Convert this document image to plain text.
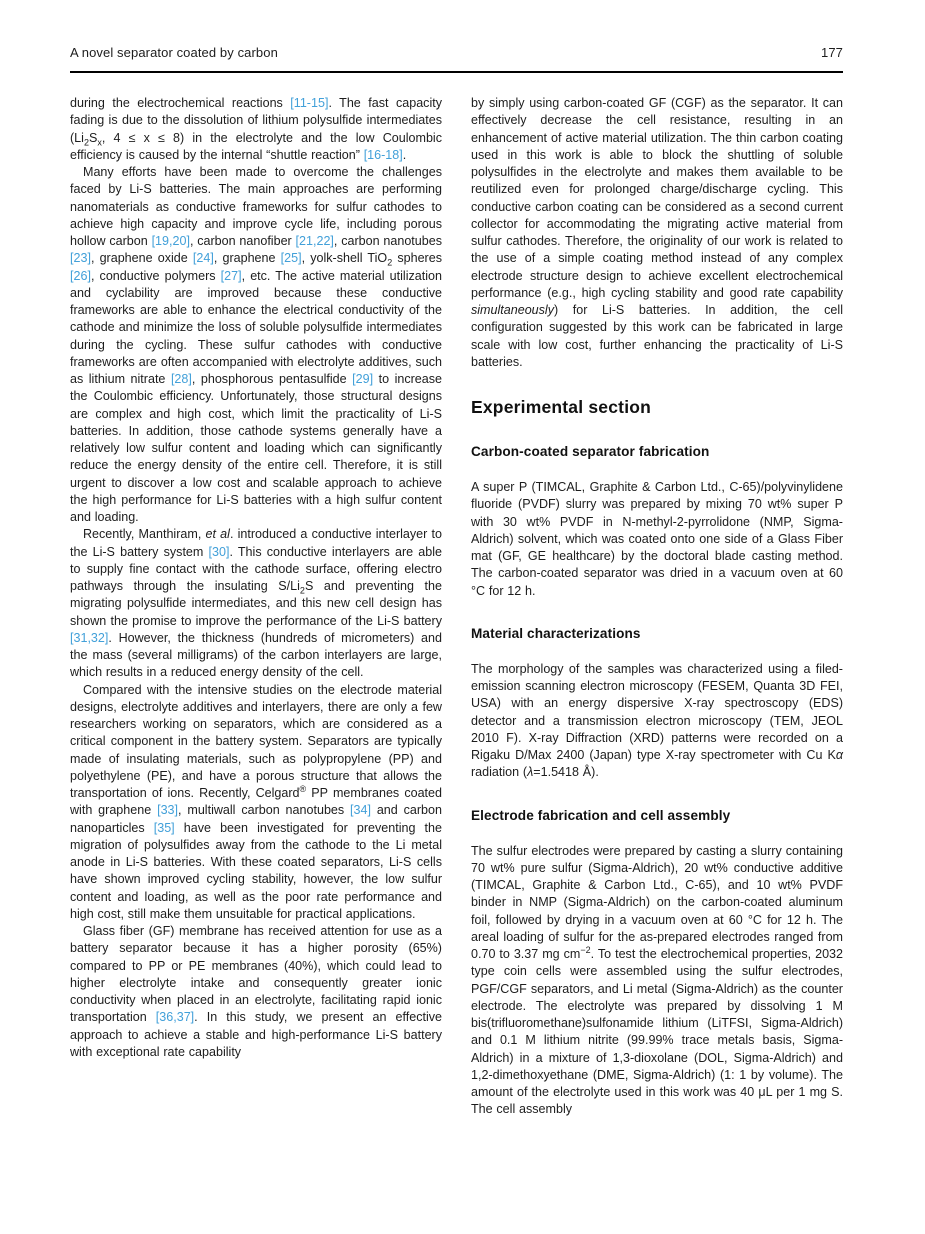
A novel separator coated by carbon	177

during the electrochemical reactions [11-15]. The fast capacity fading is due to the dissolution of lithium polysulfide intermediates ($Li_2S_x$, 4 ≤ x ≤ 8) in the electrolyte and the low Coulombic efficiency is caused by the internal “shuttle reaction” [16-18].

Many efforts have been made to overcome the challenges faced by Li-S batteries. The main approaches are performing nanomaterials as conductive frameworks for sulfur cathodes to achieve high capacity and improve cycle life, including porous hollow carbon [19,20], carbon nanofiber [21,22], carbon nanotubes [23], graphene oxide [24], graphene [25], yolk-shell TiO$_2$ spheres [26], conductive polymers [27], etc. The active material utilization and cyclability are improved because these conductive frameworks are able to enhance the electrical conductivity of the cathode and minimize the loss of soluble polysulfide intermediates during the cycling. These sulfur cathodes with conductive frameworks are often accompanied with electrolyte additives, such as lithium nitrate [28], phosphorous pentasulfide [29] to increase the Coulombic efficiency. Unfortunately, those structural designs are complex and high cost, which limit the practicality of Li-S batteries. In addition, those cathode systems generally have a relatively low sulfur content and loading which can significantly reduce the energy density of the entire cell. Therefore, it is still urgent to discover a low cost and scalable approach to achieve the high performance for Li-S batteries with a high sulfur content and loading.

Recently, Manthiram, et al. introduced a conductive interlayer to the Li-S battery system [30]. This conductive interlayers are able to supply fine contact with the cathode surface, offering electro pathways through the insulating $S/Li_2S$ and preventing the migrating polysulfide intermediates, and this new cell design has shown the promise to improve the performance of the Li-S battery [31,32]. However, the thickness (hundreds of micrometers) and the mass (several milligrams) of the carbon interlayers are large, which results in a reduced energy density of the cell.

Compared with the intensive studies on the electrode material designs, electrolyte additives and interlayers, there are only a few researchers working on separators, which are considered as a critical component in the battery system. Separators are typically made of insulating materials, such as polypropylene (PP) and polyethylene (PE), and have a porous structure that allows the transportation of ions. Recently, Celgard® PP membranes coated with graphene [33], multiwall carbon nanotubes [34] and carbon nanoparticles [35] have been investigated for preventing the migration of polysulfides away from the cathode to the Li metal anode in Li-S batteries. With these coated separators, Li-S cells have shown improved cycling stability, however, the low sulfur content and loading, as well as the poor rate performance and high cost, still make them unsuitable for practical applications.

Glass fiber (GF) membrane has received attention for use as a battery separator because it has a higher porosity (65%) compared to PP or PE membranes (40%), which could lead to higher electrolyte intake and consequently greater ionic conductivity when placed in an electrolyte, facilitating rapid ionic transportation [36,37]. In this study, we present an effective approach to achieve a stable and high-performance Li-S battery with exceptional rate capability

by simply using carbon-coated GF (CGF) as the separator. It can effectively decrease the cell resistance, resulting in an enhancement of active material utilization. The thin carbon coating used in this work is able to block the shuttling of soluble polysulfides in the electrolyte and makes them available to be reutilized even for prolonged charge/discharge cycling. This conductive carbon coating can be considered as a second current collector for accommodating the migrating active material from sulfur cathodes. Therefore, the originality of our work is related to the use of a simple coating method instead of any complex electrode structure design to achieve excellent electrochemical performance (e.g., high cycling stability and good rate capability simultaneously) for Li-S batteries. In addition, the cell configuration suggested by this work can be fabricated in large scale with low cost, further enhancing the practicality of Li-S batteries.

Experimental section
Carbon-coated separator fabrication

A super P (TIMCAL, Graphite & Carbon Ltd., C-65)/polyvinylidene fluoride (PVDF) slurry was prepared by mixing 70 wt% super P with 30 wt% PVDF in N-methyl-2-pyrrolidone (NMP, Sigma-Aldrich) solvent, which was coated onto one side of a Glass Fiber mat (GF, GE healthcare) by the doctoral blade casting method. The carbon-coated separator was dried in a vacuum oven at 60 °C for 12 h.

Material characterizations

The morphology of the samples was characterized using a filed-emission scanning electron microscopy (FESEM, Quanta 3D FEI, USA) with an energy dispersive X-ray spectroscopy (EDS) detector and a transmission electron microscopy (TEM, JEOL 2010 F). X-ray Diffraction (XRD) patterns were recorded on a Rigaku D/Max 2400 (Japan) type X-ray spectrometer with Cu Kα radiation (λ=1.5418 Å).

Electrode fabrication and cell assembly

The sulfur electrodes were prepared by casting a slurry containing 70 wt% pure sulfur (Sigma-Aldrich), 20 wt% conductive additive (TIMCAL, Graphite & Carbon Ltd., C-65), and 10 wt% PVDF binder in NMP (Sigma-Aldrich) on the carbon-coated aluminum foil, followed by drying in a vacuum oven at 60 °C for 12 h. The areal loading of sulfur for the as-prepared electrodes ranged from 0.70 to 3.37 mg $cm^{-2}$. To test the electrochemical properties, 2032 type coin cells were assembled using the sulfur electrodes, PGF/CGF separators, and Li metal (Sigma-Aldrich) as the counter electrode. The electrolyte was prepared by dissolving 1 M bis(trifluoromethane)sulfonamide lithium (LiTFSI, Sigma-Aldrich) and 0.1 M lithium nitrite (99.99% trace metals basis, Sigma-Aldrich) in a mixture of 1,3-dioxolane (DOL, Sigma-Aldrich) and 1,2-dimethoxyethane (DME, Sigma-Aldrich) (1: 1 by volume). The amount of the electrolyte used in this work was 40 μL per 1 mg S. The cell assembly
